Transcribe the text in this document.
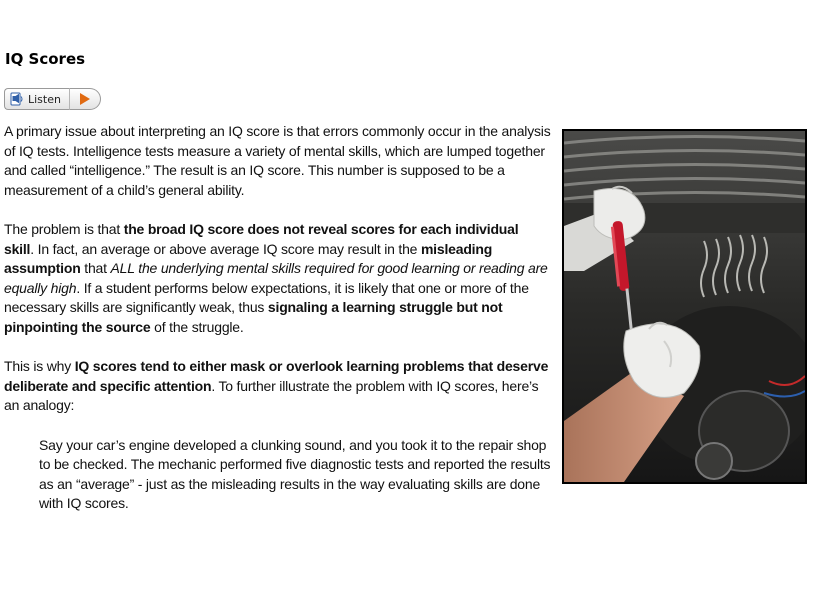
IQ Scores
Listen

A primary issue about interpreting an IQ score is that errors commonly occur in the analysis of IQ tests. Intelligence tests measure a variety of mental skills, which are lumped together and called “intelligence.” The result is an IQ score. This number is supposed to be a measurement of a child’s general ability.

The problem is that the broad IQ score does not reveal scores for each individual skill. In fact, an average or above average IQ score may result in the misleading assumption that ALL the underlying mental skills required for good learning or reading are equally high. If a student performs below expectations, it is likely that one or more of the necessary skills are significantly weak, thus signaling a learning struggle but not pinpointing the source of the struggle.

This is why IQ scores tend to either mask or overlook learning problems that deserve deliberate and specific attention. To further illustrate the problem with IQ scores, here’s an analogy:

Say your car’s engine developed a clunking sound, and you took it to the repair shop to be checked. The mechanic performed five diagnostic tests and reported the results as an “average” - just as the misleading results in the way evaluating skills are done with IQ scores.
